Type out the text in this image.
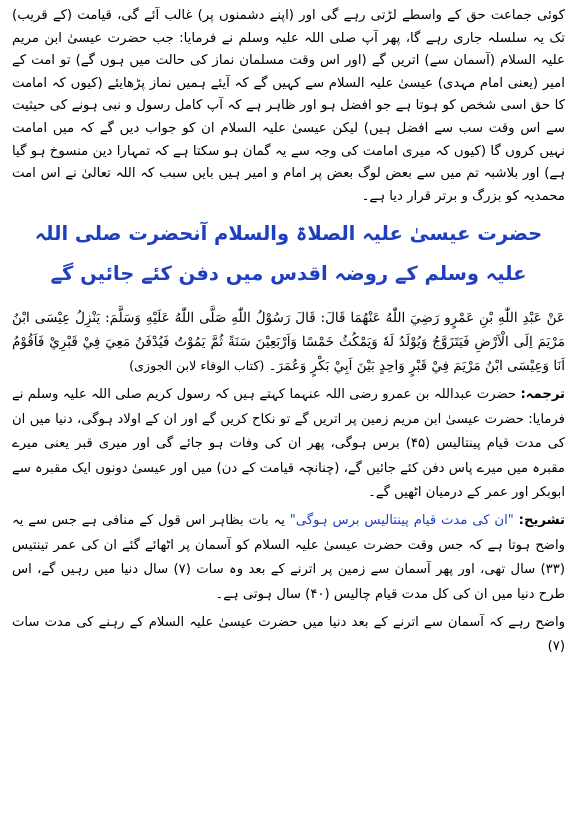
کوئی جماعت حق کے واسطے لڑتی رہے گی اور (اپنے دشمنوں پر) غالب آئے گی، قیامت (کے قریب) تک یہ سلسلہ جاری رہے گا، پھر آپ صلی اللہ علیہ وسلم نے فرمایا: جب حضرت عیسیٰ ابن مریم علیہ السلام (آسمان سے) اتریں گے (اور اس وقت مسلمان نماز کی حالت میں ہوں گے) تو امت کے امیر (یعنی امام مہدی) عیسیٰ علیہ السلام سے کہیں گے کہ آیئے ہمیں نماز پڑھایئے (کیوں کہ امامت کا حق اسی شخص کو ہوتا ہے جو افضل ہو اور ظاہر ہے کہ آپ کامل رسول و نبی ہونے کی حیثیت سے اس وقت سب سے افضل ہیں) لیکن عیسیٰ علیہ السلام ان کو جواب دیں گے کہ میں امامت نہیں کروں گا (کیوں کہ میری امامت کی وجہ سے یہ گمان ہو سکتا ہے کہ تمہارا دین منسوخ ہو گیا ہے) اور بلاشبہ تم میں سے بعض لوگ بعض پر امام و امیر ہیں بایں سبب کہ اللہ تعالیٰ نے اس امت محمدیہ کو بزرگ و برتر قرار دیا ہے۔

حضرت عیسیٰ علیہ الصلاۃ والسلام آنحضرت صلی اللہ علیہ وسلم کے روضہ اقدس میں دفن کئے جائیں گے

عَنْ عَبْدِ اللّٰهِ بْنِ عَمْرٍو رَضِيَ اللّٰهُ عَنْهُمَا قَالَ: قَالَ رَسُوْلُ اللّٰهِ صَلَّى اللّٰهُ عَلَيْهِ وَسَلَّمَ: يَنْزِلُ عِيْسَى ابْنُ مَرْيَمَ اِلَى الْاَرْضِ فَيَتَزَوَّجُ وَيُوْلَدُ لَهٗ وَيَمْكُثُ خَمْسًا وَاَرْبَعِيْنَ سَنَةً ثُمَّ يَمُوْتُ فَيُدْفَنُ مَعِيَ فِيْ قَبْرِيْ فَاَقُوْمُ اَنَا وَعِيْسَى ابْنُ مَرْيَمَ فِيْ قَبْرٍ وَاحِدٍ بَيْنَ اَبِيْ بَكْرٍ وَعُمَرَ۔ (کتاب الوفاء لابن الجوزی)

ترجمہ: حضرت عبداللہ بن عمرو رضی اللہ عنہما کہتے ہیں کہ رسول کریم صلی اللہ علیہ وسلم نے فرمایا: حضرت عیسیٰ ابن مریم زمین پر اتریں گے تو نکاح کریں گے اور ان کے اولاد ہوگی، دنیا میں ان کی مدت قیام پینتالیس (۴۵) برس ہوگی، پھر ان کی وفات ہو جائے گی اور میری قبر یعنی میرے مقبرہ میں میرے پاس دفن کئے جائیں گے، (چنانچہ قیامت کے دن) میں اور عیسیٰ دونوں ایک مقبرہ سے ابوبکر اور عمر کے درمیان اٹھیں گے۔

تشریح: "ان کی مدت قیام پینتالیس برس ہوگی" یہ بات بظاہر اس قول کے منافی ہے جس سے یہ واضح ہوتا ہے کہ جس وقت حضرت عیسیٰ علیہ السلام کو آسمان پر اٹھائے گئے ان کی عمر تینتیس (۳۳) سال تھی، اور پھر آسمان سے زمین پر اترنے کے بعد وہ سات (۷) سال دنیا میں رہیں گے، اس طرح دنیا میں ان کی کل مدت قیام چالیس (۴۰) سال ہوتی ہے۔

واضح رہے کہ آسمان سے اترنے کے بعد دنیا میں حضرت عیسیٰ علیہ السلام کے رہنے کی مدت سات (۷)
